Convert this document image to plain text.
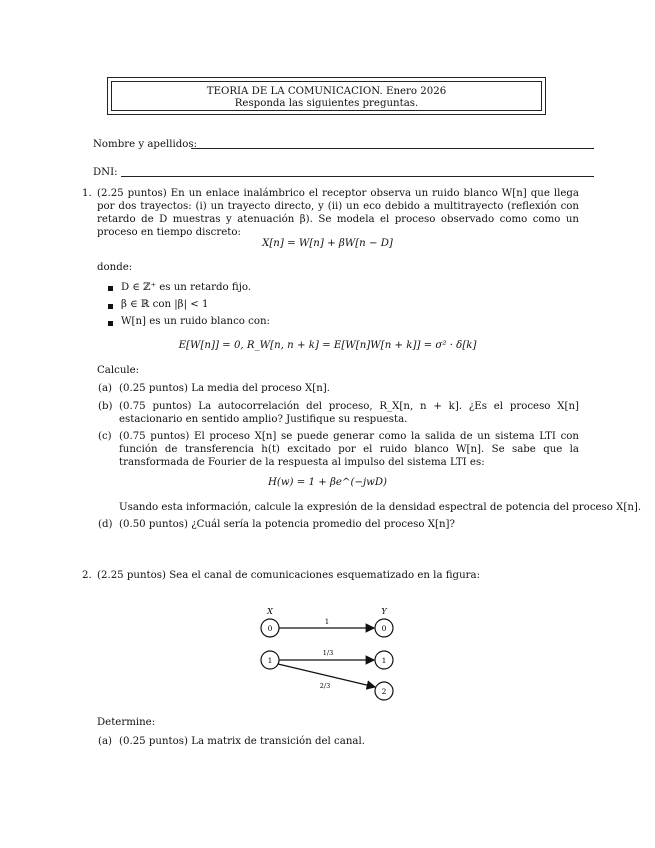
TEORIA DE LA COMUNICACION. Enero 2026
Responda las siguientes preguntas.
Nombre y apellidos:
DNI:
1. (2.25 puntos) En un enlace inalámbrico el receptor observa un ruido blanco W[n] que llega por dos trayectos: (i) un trayecto directo, y (ii) un eco debido a multitrayecto (reflexión con retardo de D muestras y atenuación β). Se modela el proceso observado como como un proceso en tiempo discreto:
X[n] = W[n] + βW[n − D]
donde:
D ∈ ℤ⁺ es un retardo fijo.
β ∈ ℝ con |β| < 1
W[n] es un ruido blanco con:
E[W[n]] = 0, R_W[n, n + k] = E[W[n]W[n + k]] = σ² · δ[k]
Calcule:
(a) (0.25 puntos) La media del proceso X[n].
(b) (0.75 puntos) La autocorrelación del proceso, R_X[n, n + k]. ¿Es el proceso X[n] estacionario en sentido amplio? Justifique su respuesta.
(c) (0.75 puntos) El proceso X[n] se puede generar como la salida de un sistema LTI con función de transferencia h(t) excitado por el ruido blanco W[n]. Se sabe que la transformada de Fourier de la respuesta al impulso del sistema LTI es:
H(w) = 1 + βe^(−jwD)
Usando esta información, calcule la expresión de la densidad espectral de potencia del proceso X[n].
(d) (0.50 puntos) ¿Cuál sería la potencia promedio del proceso X[n]?
2. (2.25 puntos) Sea el canal de comunicaciones esquematizado en la figura:
X	Y
1
1/3
2/3
0
1
0
1
2
Determine:
(a) (0.25 puntos) La matrix de transición del canal.
